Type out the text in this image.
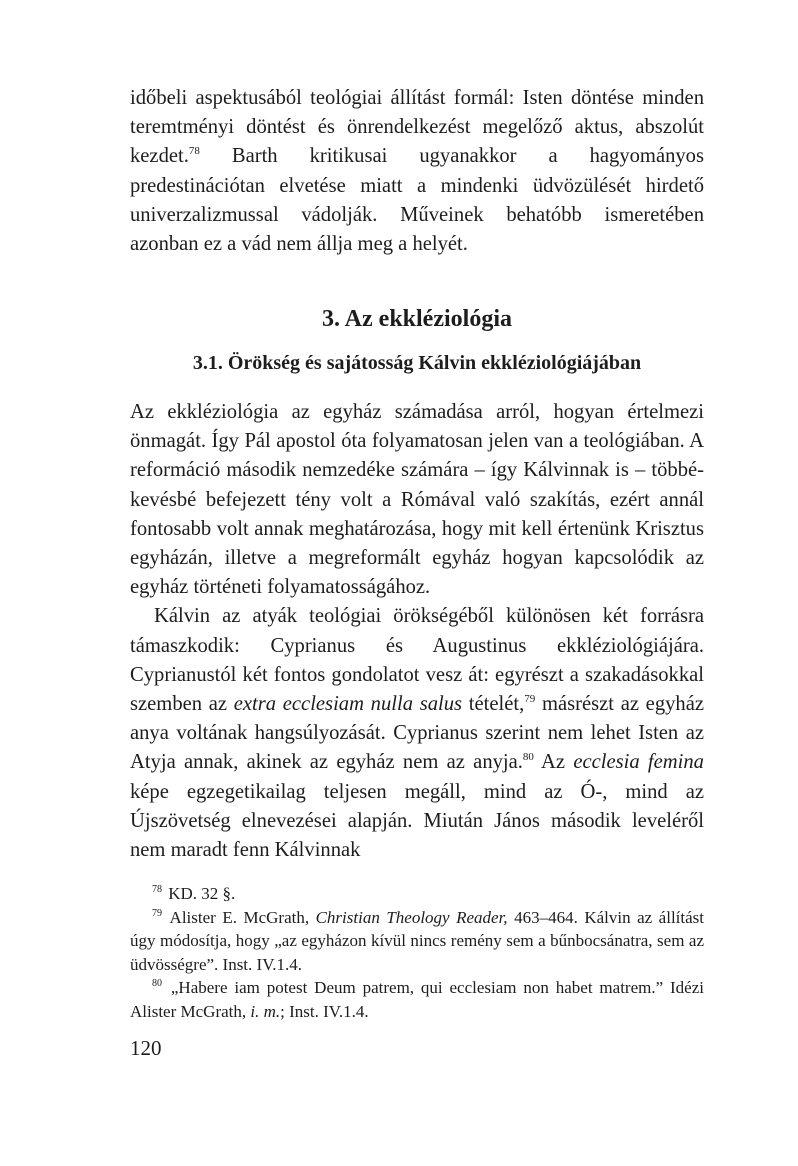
időbeli aspektusából teológiai állítást formál: Isten döntése minden teremtményi döntést és önrendelkezést megelőző aktus, abszolút kezdet.$^{78}$ Barth kritikusai ugyanakkor a hagyományos predestinációtan elvetése miatt a mindenki üdvözülését hirdető univerzalizmussal vádolják. Műveinek behatóbb ismeretében azonban ez a vád nem állja meg a helyét.

3. Az ekkléziológia
3.1. Örökség és sajátosság Kálvin ekkléziológiájában

Az ekkléziológia az egyház számadása arról, hogyan értelmezi önmagát. Így Pál apostol óta folyamatosan jelen van a teológiában. A reformáció második nemzedéke számára – így Kálvinnak is – többé-kevésbé befejezett tény volt a Rómával való szakítás, ezért annál fontosabb volt annak meghatározása, hogy mit kell értenünk Krisztus egyházán, illetve a megreformált egyház hogyan kapcsolódik az egyház történeti folyamatosságához.

Kálvin az atyák teológiai örökségéből különösen két forrásra támaszkodik: Cyprianus és Augustinus ekkléziológiájára. Cyprianustól két fontos gondolatot vesz át: egyrészt a szakadásokkal szemben az extra ecclesiam nulla salus tételét,$^{79}$ másrészt az egyház anya voltának hangsúlyozását. Cyprianus szerint nem lehet Isten az Atyja annak, akinek az egyház nem az anyja.$^{80}$ Az ecclesia femina képe egzegetikailag teljesen megáll, mind az Ó-, mind az Újszövetség elnevezései alapján. Miután János második leveléről nem maradt fenn Kálvinnak

$^{78}$ KD. 32 §.

$^{79}$ Alister E. McGrath, Christian Theology Reader, 463–464. Kálvin az állítást úgy módosítja, hogy „az egyházon kívül nincs remény sem a bűnbocsánatra, sem az üdvösségre”. Inst. IV.1.4.

$^{80}$ „Habere iam potest Deum patrem, qui ecclesiam non habet matrem.” Idézi Alister McGrath, i. m.; Inst. IV.1.4.

120
